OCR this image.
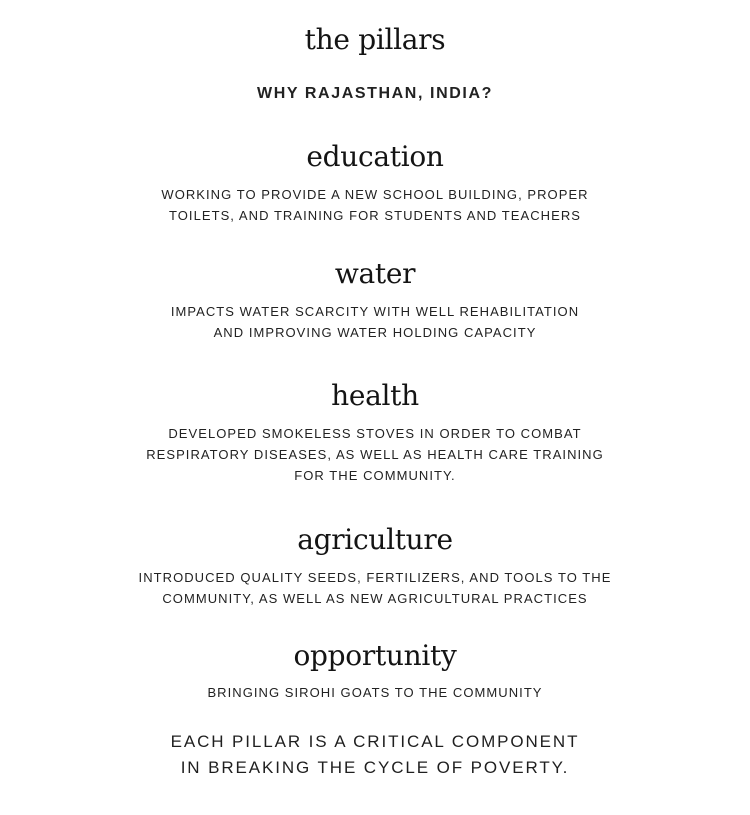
the pillars
WHY RAJASTHAN, INDIA?
education

WORKING TO PROVIDE A NEW SCHOOL BUILDING, PROPER
TOILETS, AND TRAINING FOR STUDENTS AND TEACHERS

water

IMPACTS WATER SCARCITY WITH WELL REHABILITATION
AND IMPROVING WATER HOLDING CAPACITY

health

DEVELOPED SMOKELESS STOVES IN ORDER TO COMBAT
RESPIRATORY DISEASES, AS WELL AS HEALTH CARE TRAINING
FOR THE COMMUNITY.

agriculture

INTRODUCED QUALITY SEEDS, FERTILIZERS, AND TOOLS TO THE
COMMUNITY, AS WELL AS NEW AGRICULTURAL PRACTICES

opportunity

BRINGING SIROHI GOATS TO THE COMMUNITY

EACH PILLAR IS A CRITICAL COMPONENT
IN BREAKING THE CYCLE OF POVERTY.
